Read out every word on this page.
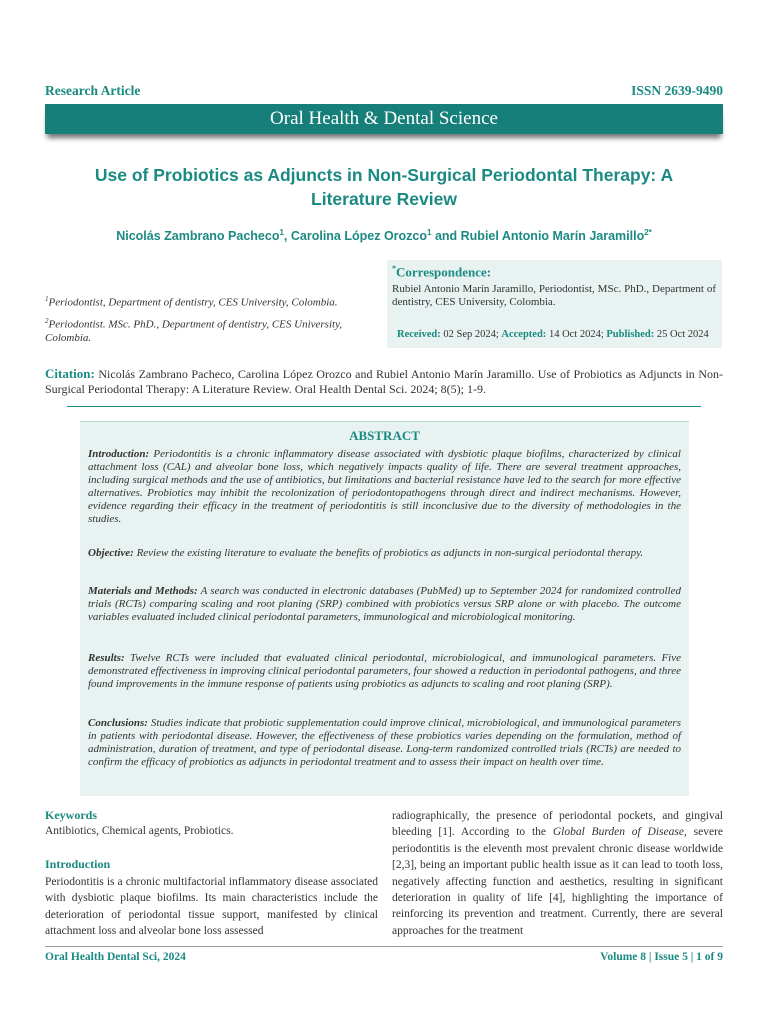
Research Article	ISSN 2639-9490
Oral Health & Dental Science
Use of Probiotics as Adjuncts in Non-Surgical Periodontal Therapy: A Literature Review
Nicolás Zambrano Pacheco$^1$, Carolina López Orozco$^1$ and Rubiel Antonio Marín Jaramillo$^{2*}$
$^1$Periodontist, Department of dentistry, CES University, Colombia.
$^2$Periodontist. MSc. PhD., Department of dentistry, CES University, Colombia.
*Correspondence:
Rubiel Antonio Marín Jaramillo, Periodontist, MSc. PhD., Department of dentistry, CES University, Colombia.
Received: 02 Sep 2024; Accepted: 14 Oct 2024; Published: 25 Oct 2024
Citation: Nicolás Zambrano Pacheco, Carolina López Orozco and Rubiel Antonio Marín Jaramillo. Use of Probiotics as Adjuncts in Non-Surgical Periodontal Therapy: A Literature Review. Oral Health Dental Sci. 2024; 8(5); 1-9.
ABSTRACT

Introduction: Periodontitis is a chronic inflammatory disease associated with dysbiotic plaque biofilms, characterized by clinical attachment loss (CAL) and alveolar bone loss, which negatively impacts quality of life. There are several treatment approaches, including surgical methods and the use of antibiotics, but limitations and bacterial resistance have led to the search for more effective alternatives. Probiotics may inhibit the recolonization of periodontopathogens through direct and indirect mechanisms. However, evidence regarding their efficacy in the treatment of periodontitis is still inconclusive due to the diversity of methodologies in the studies.

Objective: Review the existing literature to evaluate the benefits of probiotics as adjuncts in non-surgical periodontal therapy.

Materials and Methods: A search was conducted in electronic databases (PubMed) up to September 2024 for randomized controlled trials (RCTs) comparing scaling and root planing (SRP) combined with probiotics versus SRP alone or with placebo. The outcome variables evaluated included clinical periodontal parameters, immunological and microbiological monitoring.

Results: Twelve RCTs were included that evaluated clinical periodontal, microbiological, and immunological parameters. Five demonstrated effectiveness in improving clinical periodontal parameters, four showed a reduction in periodontal pathogens, and three found improvements in the immune response of patients using probiotics as adjuncts to scaling and root planing (SRP).

Conclusions: Studies indicate that probiotic supplementation could improve clinical, microbiological, and immunological parameters in patients with periodontal disease. However, the effectiveness of these probiotics varies depending on the formulation, method of administration, duration of treatment, and type of periodontal disease. Long-term randomized controlled trials (RCTs) are needed to confirm the efficacy of probiotics as adjuncts in periodontal treatment and to assess their impact on health over time.

Keywords
Antibiotics, Chemical agents, Probiotics.
Introduction

Periodontitis is a chronic multifactorial inflammatory disease associated with dysbiotic plaque biofilms. Its main characteristics include the deterioration of periodontal tissue support, manifested by clinical attachment loss and alveolar bone loss assessed

radiographically, the presence of periodontal pockets, and gingival bleeding [1]. According to the Global Burden of Disease, severe periodontitis is the eleventh most prevalent chronic disease worldwide [2,3], being an important public health issue as it can lead to tooth loss, negatively affecting function and aesthetics, resulting in significant deterioration in quality of life [4], highlighting the importance of reinforcing its prevention and treatment. Currently, there are several approaches for the treatment

Oral Health Dental Sci, 2024	Volume 8 | Issue 5 | 1 of 9
